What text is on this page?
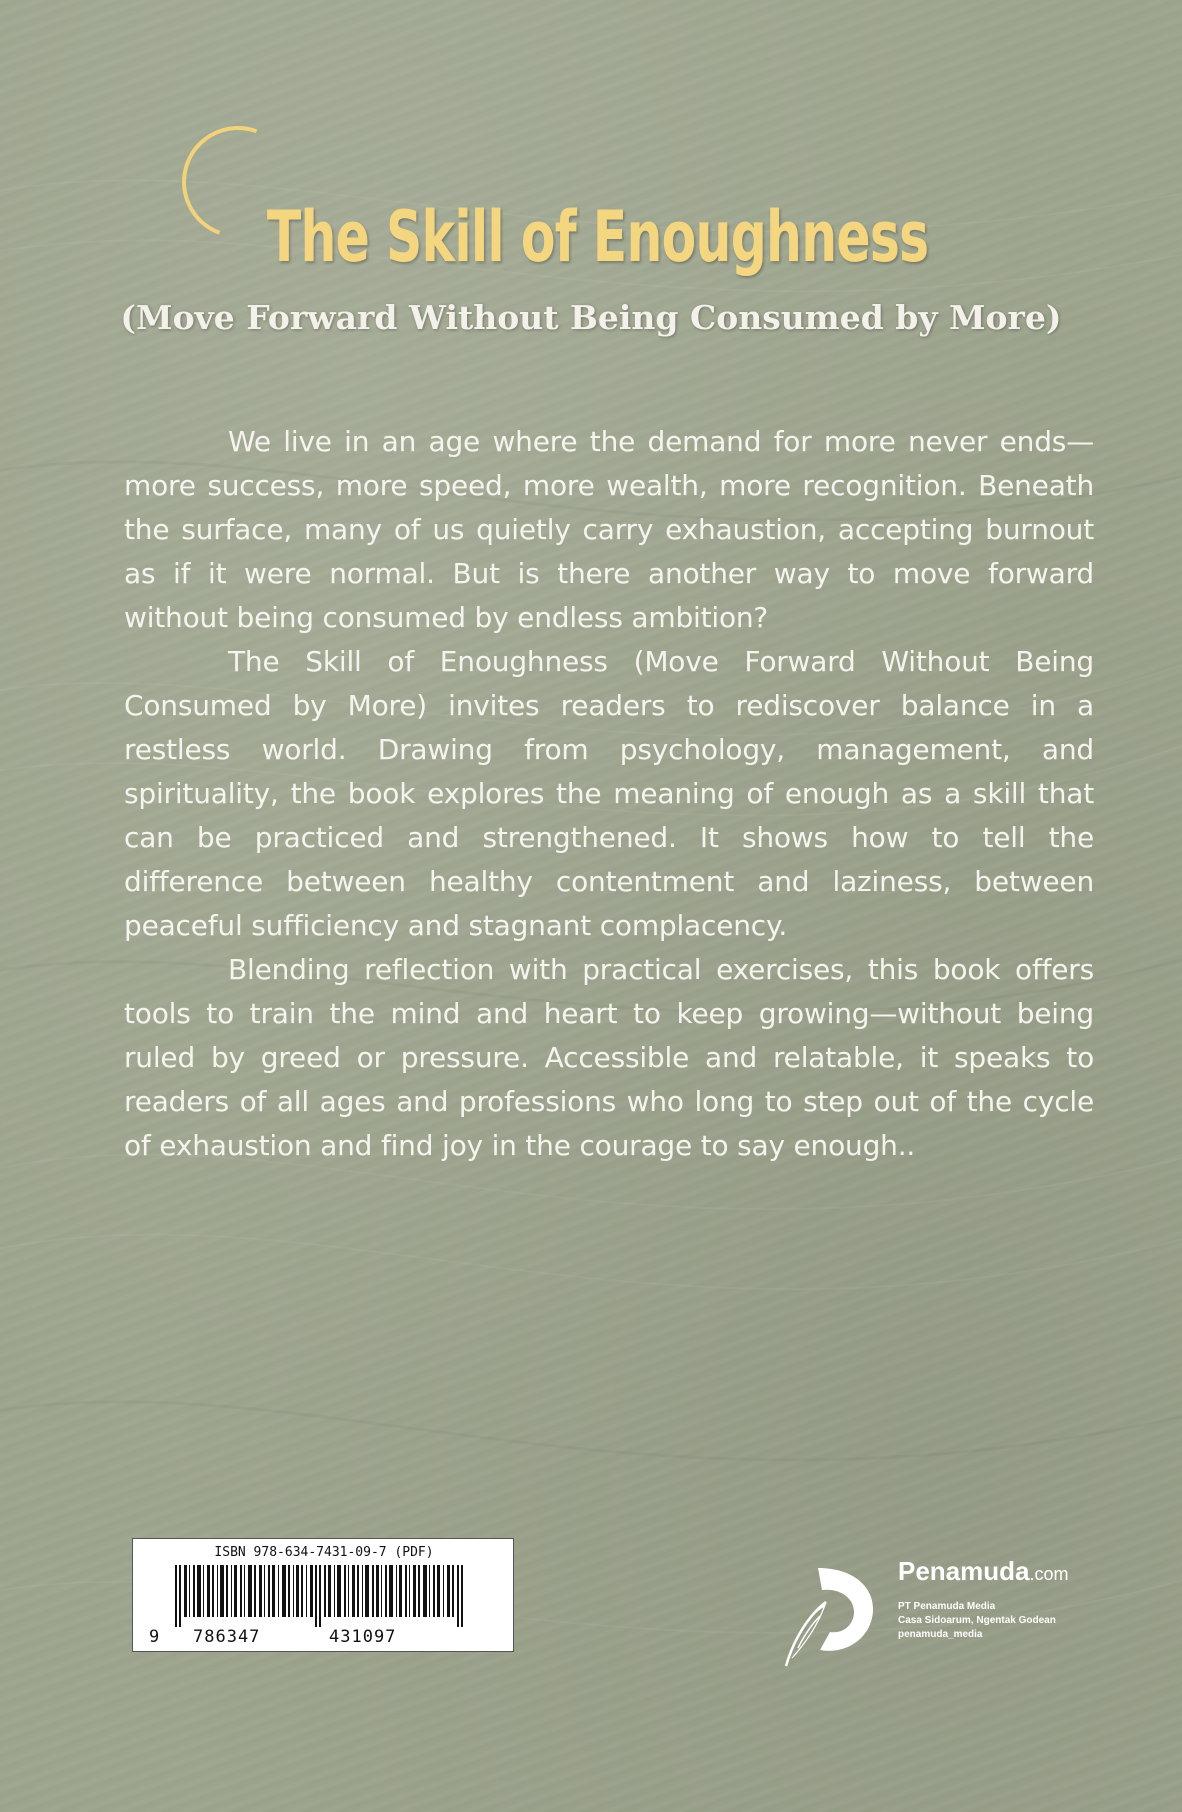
The Skill of Enoughness
(Move Forward Without Being Consumed by More)

We live in an age where the demand for more never ends—more success, more speed, more wealth, more recognition. Beneath the surface, many of us quietly carry exhaustion, accepting burnout as if it were normal. But is there another way to move forward without being consumed by endless ambition?

The Skill of Enoughness (Move Forward Without Being Consumed by More) invites readers to rediscover balance in a restless world. Drawing from psychology, management, and spirituality, the book explores the meaning of enough as a skill that can be practiced and strengthened. It shows how to tell the difference between healthy contentment and laziness, between peaceful sufficiency and stagnant complacency.

Blending reflection with practical exercises, this book offers tools to train the mind and heart to keep growing—without being ruled by greed or pressure. Accessible and relatable, it speaks to readers of all ages and professions who long to step out of the cycle of exhaustion and find joy in the courage to say enough..

ISBN 978-634-7431-09-7 (PDF)
9 786347	431097
Penamuda.com
PT Penamuda Media
Casa Sidoarum, Ngentak Godean
penamuda_media
